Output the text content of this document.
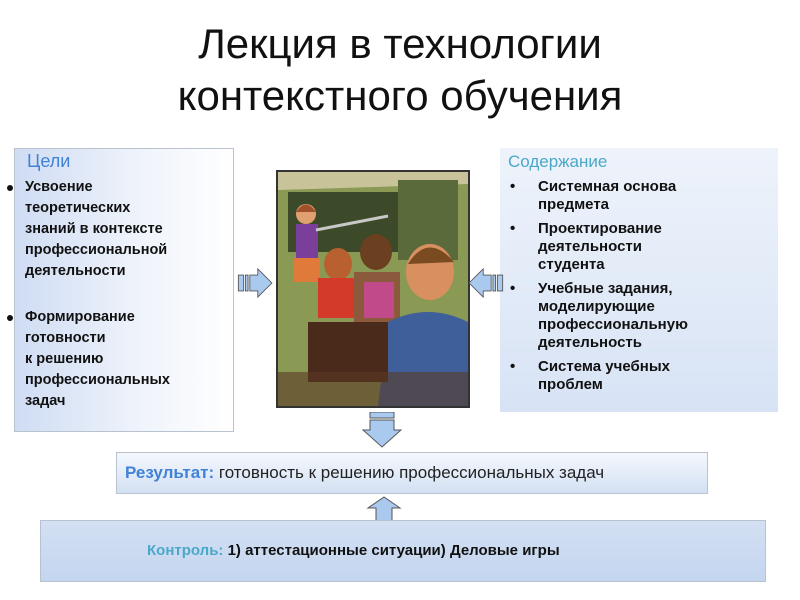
Лекция в технологии
контекстного обучения
Цели
Усвоение
теоретических
знаний в контексте
профессиональной
деятельности
Формирование
готовности
к решению
профессиональных
задач
Содержание
• Системная основа
предмета
• Проектирование
деятельности
студента
• Учебные задания,
моделирующие
профессиональную
деятельность
• Система учебных
проблем
Результат: готовность к решению профессиональных задач
Контроль: 1) аттестационные ситуации) Деловые игры
